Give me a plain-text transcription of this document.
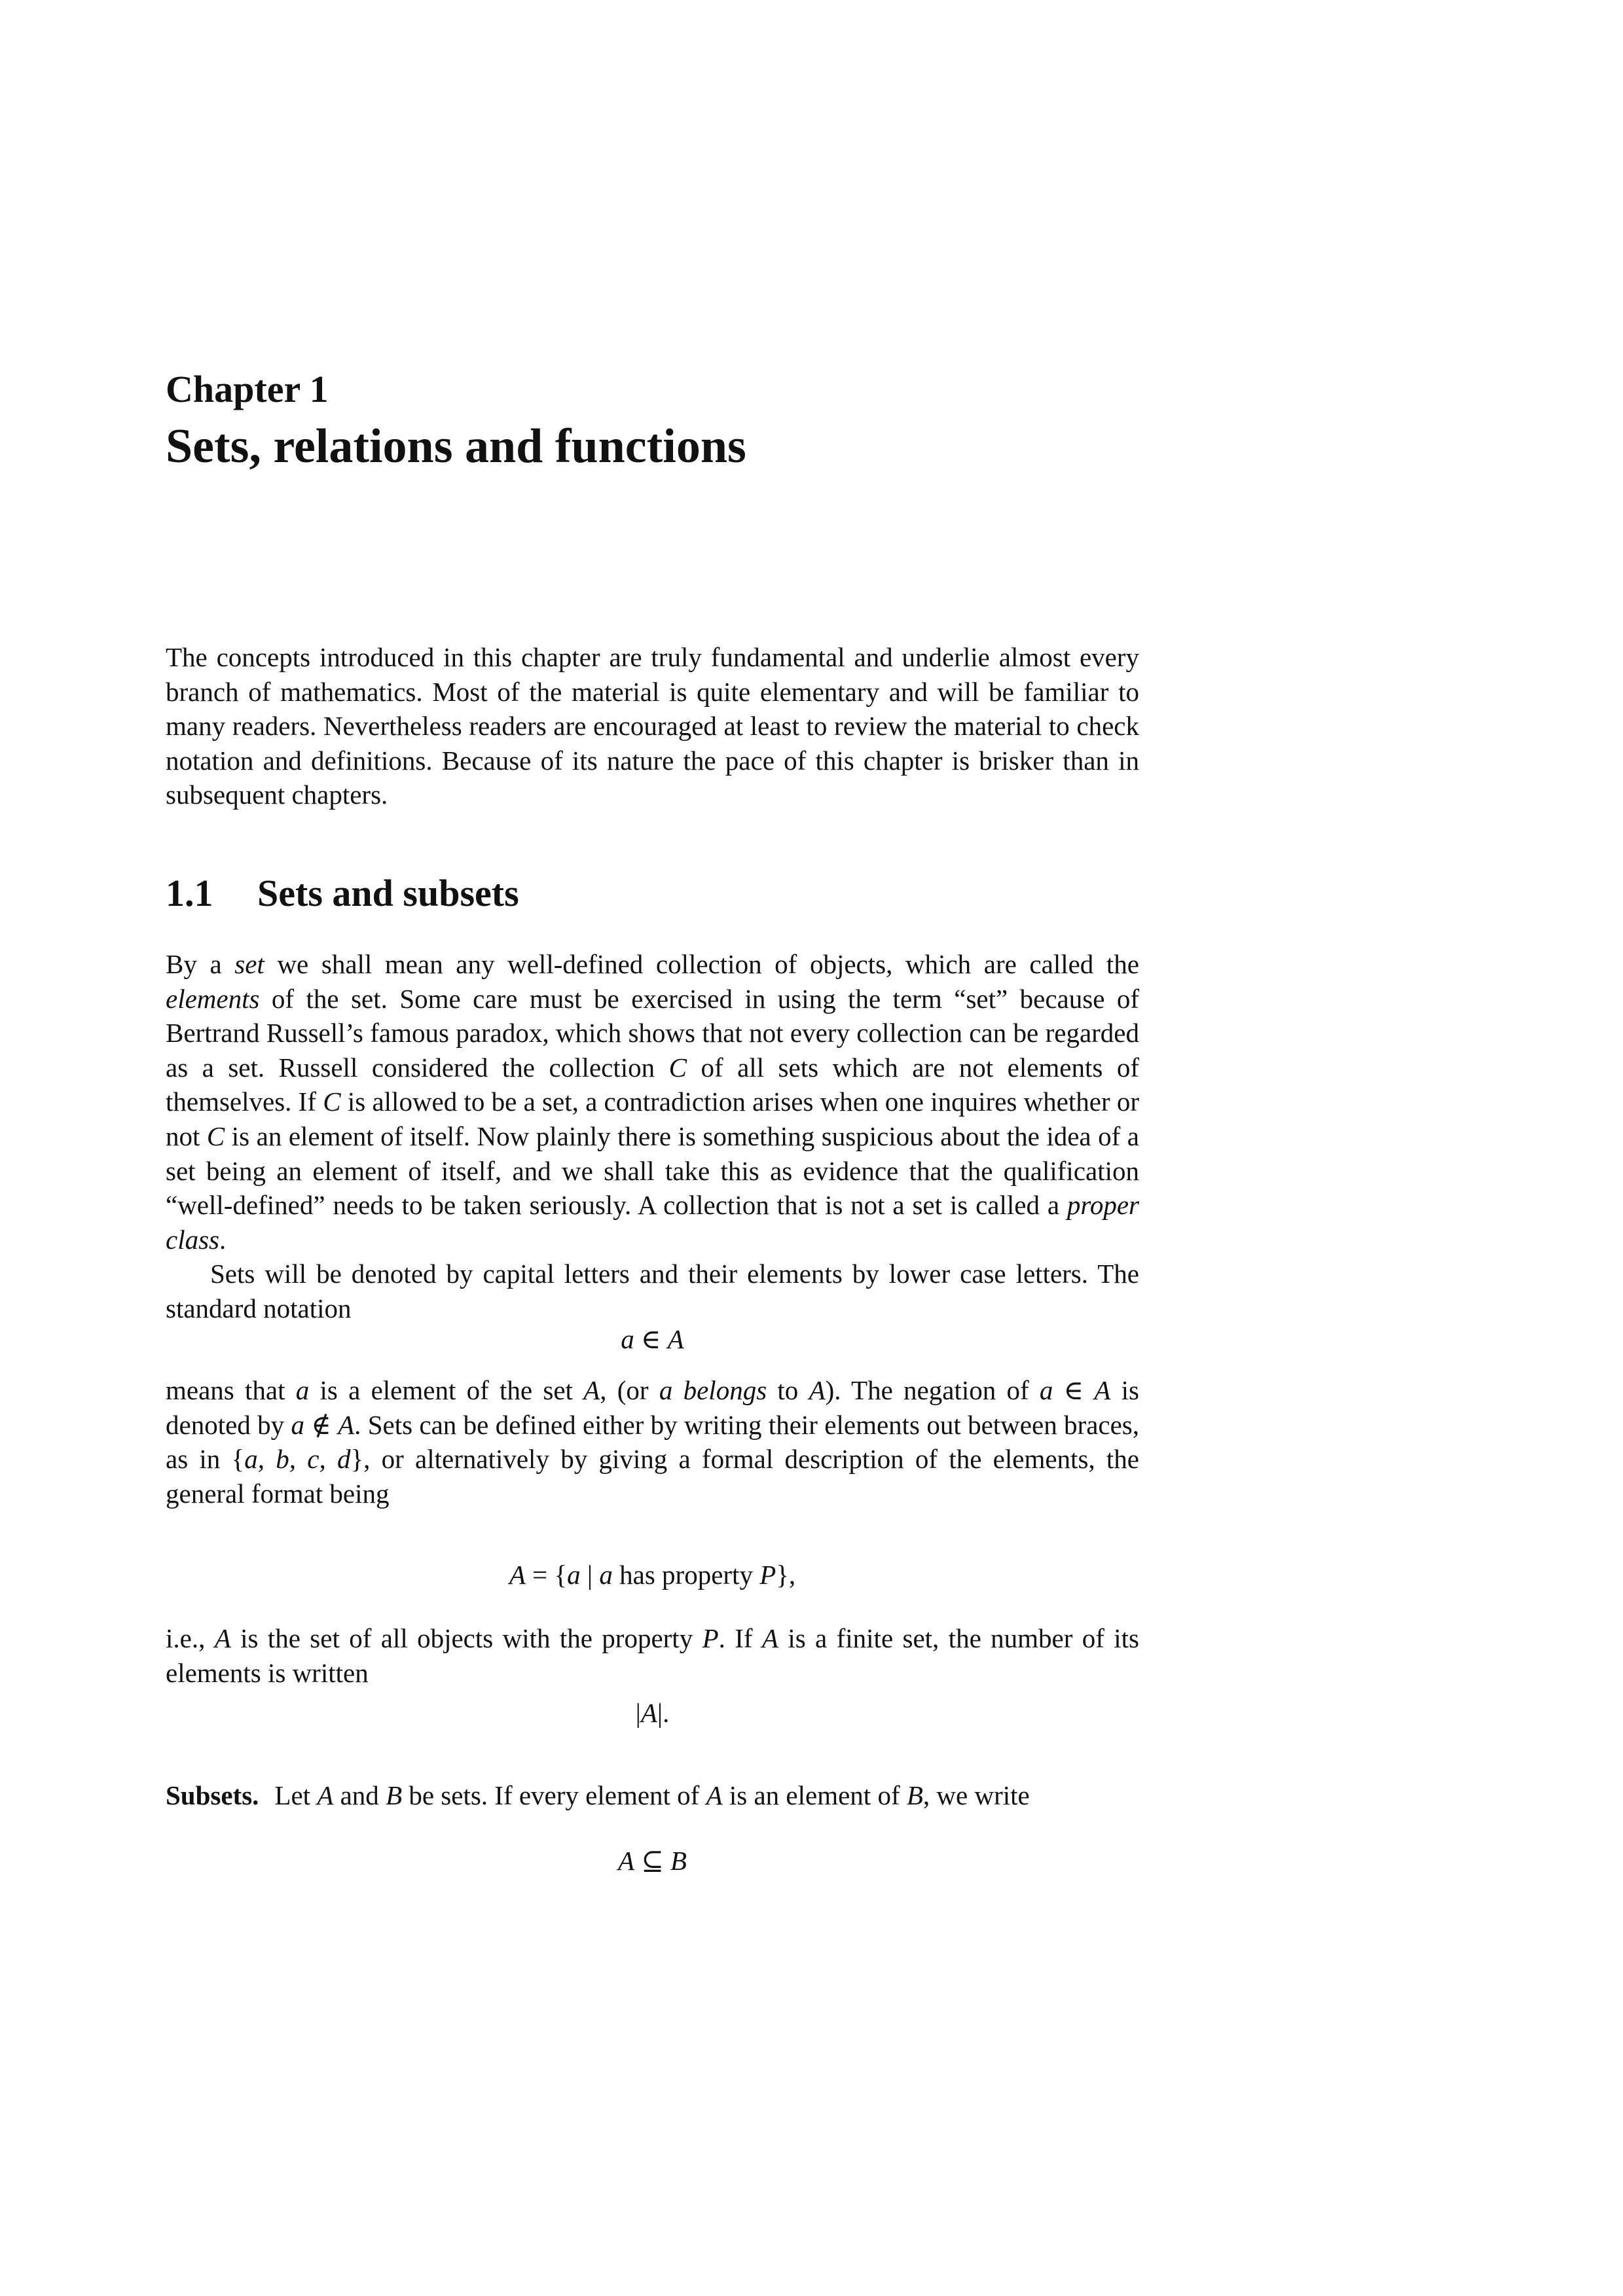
Chapter 1
Sets, relations and functions

The concepts introduced in this chapter are truly fundamental and underlie almost every branch of mathematics. Most of the material is quite elementary and will be familiar to many readers. Nevertheless readers are encouraged at least to review the material to check notation and definitions. Because of its nature the pace of this chapter is brisker than in subsequent chapters.

1.1 Sets and subsets

By a set we shall mean any well-defined collection of objects, which are called the elements of the set. Some care must be exercised in using the term “set” because of Bertrand Russell’s famous paradox, which shows that not every collection can be regarded as a set. Russell considered the collection C of all sets which are not elements of themselves. If C is allowed to be a set, a contradiction arises when one inquires whether or not C is an element of itself. Now plainly there is something suspicious about the idea of a set being an element of itself, and we shall take this as evidence that the qualification “well-defined” needs to be taken seriously. A collection that is not a set is called a proper class.

Sets will be denoted by capital letters and their elements by lower case letters. The standard notation

a ∈ A

means that a is a element of the set A, (or a belongs to A). The negation of a ∈ A is denoted by a ∉ A. Sets can be defined either by writing their elements out between braces, as in {a, b, c, d}, or alternatively by giving a formal description of the elements, the general format being

A = {a | a has property P},

i.e., A is the set of all objects with the property P. If A is a finite set, the number of its elements is written

|A|.

Subsets. Let A and B be sets. If every element of A is an element of B, we write

A ⊆ B
